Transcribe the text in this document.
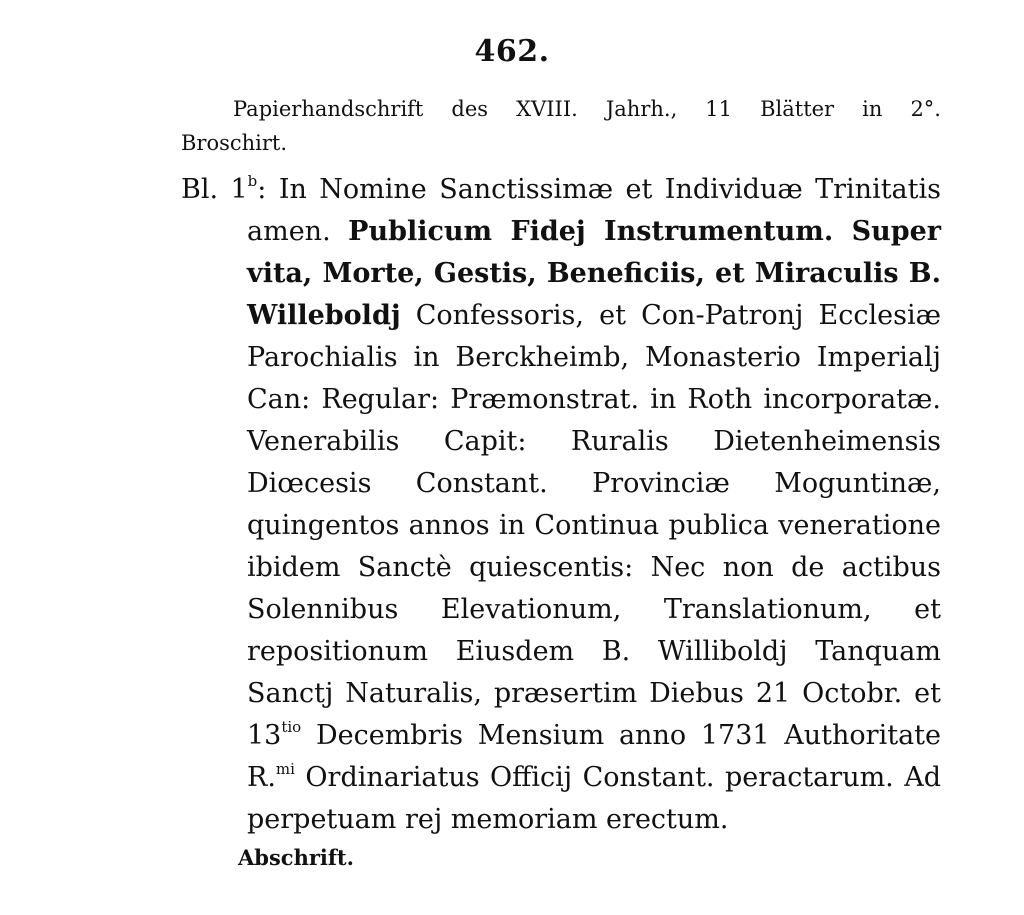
462.
Papierhandschrift des XVIII. Jahrh., 11 Blätter in 2°.
Broschirt.
Bl. 1$^b$: In Nomine Sanctissimæ et Individuæ Trinitatis amen. Publicum Fidej Instrumentum. Super vita, Morte, Gestis, Beneficiis, et Miraculis B. Willeboldj Confessoris, et Con-Patronj Ecclesiæ Parochialis in Berckheimb, Monasterio Imperialj Can: Regular: Præmonstrat. in Roth incorporatæ. Venerabilis Capit: Ruralis Dietenheimensis Diœcesis Constant. Provinciæ Moguntinæ, quingentos annos in Continua publica veneratione ibidem Sanctè quiescentis: Nec non de actibus Solennibus Elevationum, Translationum, et repositionum Eiusdem B. Williboldj Tanquam Sanctj Naturalis, præsertim Diebus 21 Octobr. et $13^{tio}$ Decembris Mensium anno 1731 Authoritate R.$^{mi}$ Ordinariatus Officij Constant. peractarum. Ad perpetuam rej memoriam erectum.
Abschrift.
